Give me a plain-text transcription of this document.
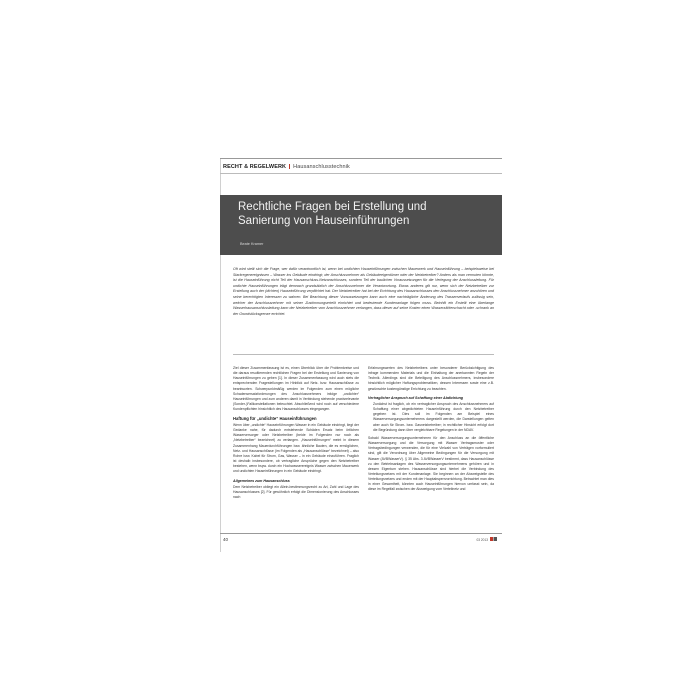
RECHT & REGELWERK Hausanschlusstechnik
Rechtliche Fragen bei Erstellung und
Sanierung von Hauseinführungen
Beate Kramer

Oft wird stellt sich die Frage, wer dafür verantwortlich ist, wenn bei undichten Hauseinführungen zwischen Mauerwerk und Hauseinführung – beispielsweise bei Starkregenereignissen – Wasser ins Gebäude eindringt; der Anschlussnehmer als Gebäudeeigentümer oder der Netzbetreiber? Anders als man vermuten könnte, ist die Hauseinführung nicht Teil der Hausanschluss-Netzanschlusses, sondern Teil der baulichen Voraussetzungen für die Verlegung der Anschlussleitung. Für undichte Hauseinführungen trägt demnach grundsätzlich der Anschlussnehmer die Verantwortung. Etwas anderes gilt nur, wenn sich der Netzbetreiber zur Erstellung auch der (dichten) Hauseinführung verpflichtet hat. Der Netzbetreiber hat bei der Errichtung des Hausanschlusses den Anschlussnehmer anzuhören und seine berechtigten Interessen zu wahren. Bei Beachtung dieser Voraussetzungen kann auch eine nachträgliche Änderung des Trassenverlaufs zulässig sein, welcher der Anschlussnehmer mit seiner Zustimmungserteilt einrichtet und bedeutende Kundenanlage folgen muss. Beinhilt ein Erstellt eine überlange Wasserhausanschlussleitung kann der Netzbetreiber vom Anschlussnehmer verlangen, dass dieser auf seine Kosten einen Wasserzählerschacht oder -schrank an der Grundstücksgrenze errichtet.

Ziel dieser Zusammenfassung ist es, einen Überblick über die Problemkreise und die daraus resultierenden rechtlichen Fragen bei der Erstellung und Sanierung von Hauseinführungen zu geben [1]. In dieser Zusammenfassung wird auch stets die entsprechenden Fragestellungen im Hinblick auf Netz- bzw. Hausanschlüsse zu beantworten. Schwerpunktmäßig werden im Folgenden zum einen mögliche Schadensersatzforderungen des Anschlussnehmers infolge „undichter“ Hauseinführungen und zum anderen damit in Verbindung stehende praxisrelevante (Sonder-)Fallkonstellationen beleuchtet. Abschließend wird noch auf verschiedene Kundenpflichten hinsichtlich des Hausanschlusses eingegangen.

Haftung für „undichte“ Hauseinführungen

Wenn über „undichte“ Hauseinführungen Wasser in ein Gebäude eindringt, liegt der Gedanke nahe, für dadurch entstehende Schäden Ersatz beim örtlichen Wasserversorger oder Netzbetreiber (beide im Folgenden nur noch als „Netzbetreiber“ bezeichnet) zu verlangen. „Hauseinführungen“ meint in diesem Zusammenhang Mauerdurchführungen bzw. ähnliche Bauten, die es ermöglichen, Netz- und Hausanschlüsse (im Folgenden als „Hausanschlüsse“ bezeichnet) – also Rohre bzw. Kabel für Strom, Gas, Wasser – in ein Gebäude einzuführen. Fraglich ist deshalb insbesondere, ob vertragliche Ansprüche gegen den Netzbetreiber bestehen, wenn bspw. durch ein Hochwasserereignis Wasser zwischen Mauerwerk und undichten Hauseinführungen in ein Gebäude eindringt.

Allgemeines zum Hausanschluss

Dem Netzbetreiber obliegt ein Allein-bestimmungsrecht zu Art, Zahl und Lage des Hausanschlusses [2]. Für gewöhnlich erfolgt die Dimensionierung des Anschlusses nach

Erfahrungswerten des Netzbetreibers unter besonderer Berücksichtigung des infrage kommenden Materials und die Einhaltung der anerkannten Regeln der Technik. Allerdings sind die Beteiligung des Anschlussnehmers, insbesondere hinsichtlich möglicher Haftungsproblematiken, dessen Interessen sowie eine z.B. gewünschte kostengünstige Errichtung zu beachten.

Vertraglicher Anspruch auf Schaffung einer Abdichtung

Zunächst ist fraglich, ob ein vertraglicher Anspruch des Anschlussnehmers auf Schaffung einer abgedichteten Hauseinführung durch den Netzbetreiber gegeben ist. Dies soll im Folgenden am Beispiel eines Wasserversorgungsunternehmens dargestellt werden, die Darstellungen gelten aber auch für Strom- bzw. Gasnetzbetreiber; in rechtlicher Hinsicht erfolgt dort die Begründung dann über vergleichbare Regelungen in der NDAV.

Sobald Wasserversorgungsunternehmen für den Anschluss an die öffentliche Wasserversorgung und die Versorgung mit Wasser Vertragsmuster oder Vertragsbedingungen verwenden, die für eine Vielzahl von Verträgen vorformuliert sind, gilt die Verordnung über Allgemeine Bedingungen für die Versorgung mit Wasser (AVBWasserV). § 35 Abs. 3 AVBWasserV bestimmt, dass Hausanschlüsse zu den Betriebsanlagen des Wasserversorgungsunternehmens gehören und in dessen Eigentum stehen. Hausanschlüsse sind hierbei die Verbindung des Verteilungsnetzes mit der Kundenanlage. Sie beginnen an der Abzweigstelle des Verteilungsnetzes und enden mit der Hauptabsperrvorrichtung. Betrachtet man dies in einer Gesamtheit, könnten auch Hauseinführungen hiervon umfasst sein, da diese im Regelfall zwischen der Abzweigung vom Verteilnetz und

40	03 2013
